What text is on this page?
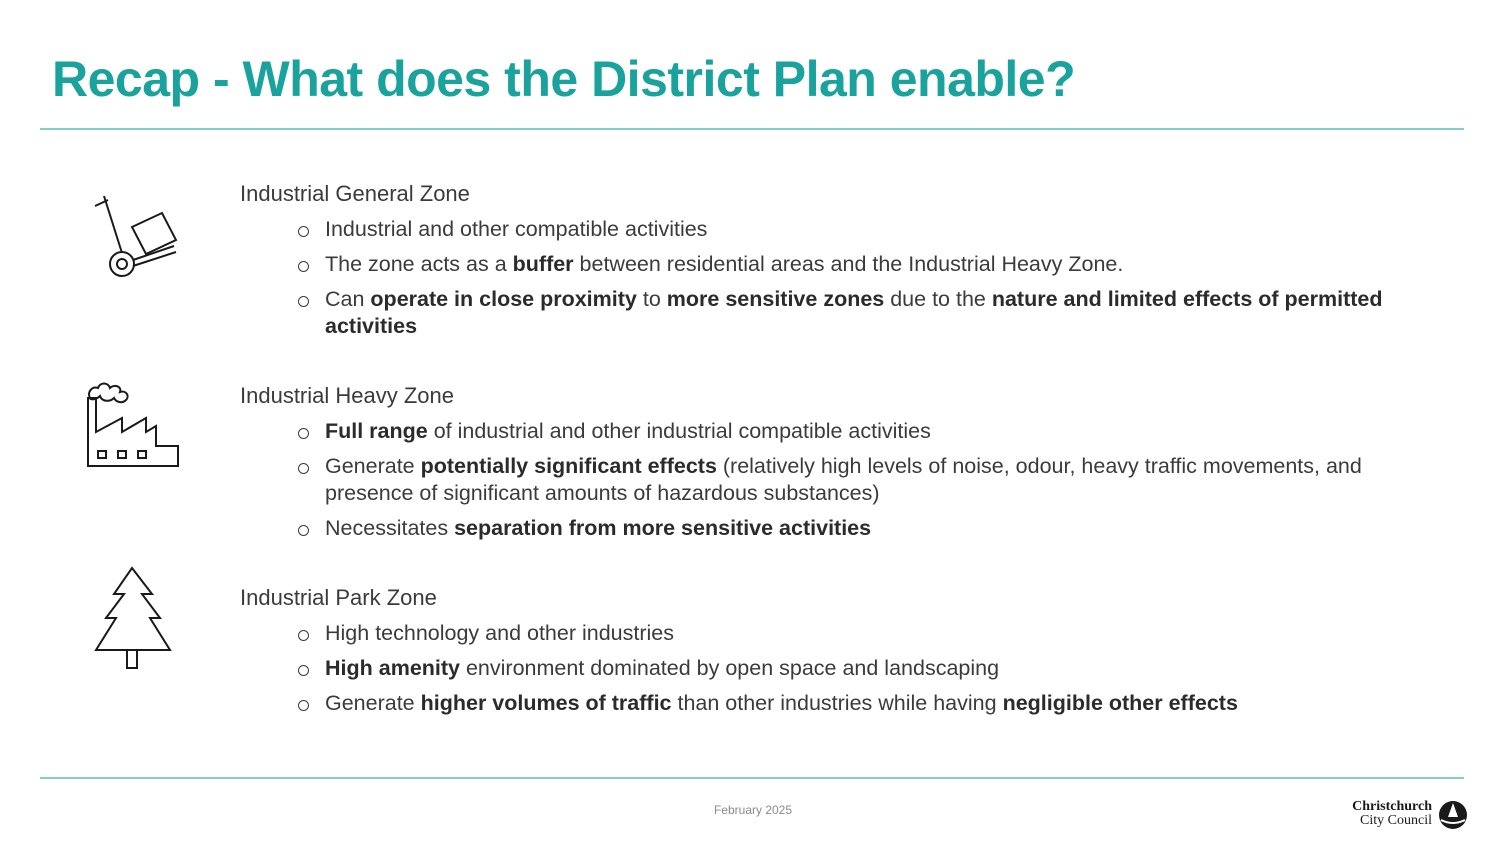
Recap - What does the District Plan enable?
Industrial General Zone
Industrial and other compatible activities
The zone acts as a buffer between residential areas and the Industrial Heavy Zone.
Can operate in close proximity to more sensitive zones due to the nature and limited effects of permitted activities
Industrial Heavy Zone
Full range of industrial and other industrial compatible activities
Generate potentially significant effects (relatively high levels of noise, odour, heavy traffic movements, and presence of significant amounts of hazardous substances)
Necessitates separation from more sensitive activities
Industrial Park Zone
High technology and other industries
High amenity environment dominated by open space and landscaping
Generate higher volumes of traffic than other industries while having negligible other effects
February 2025	Christchurch
City Council
